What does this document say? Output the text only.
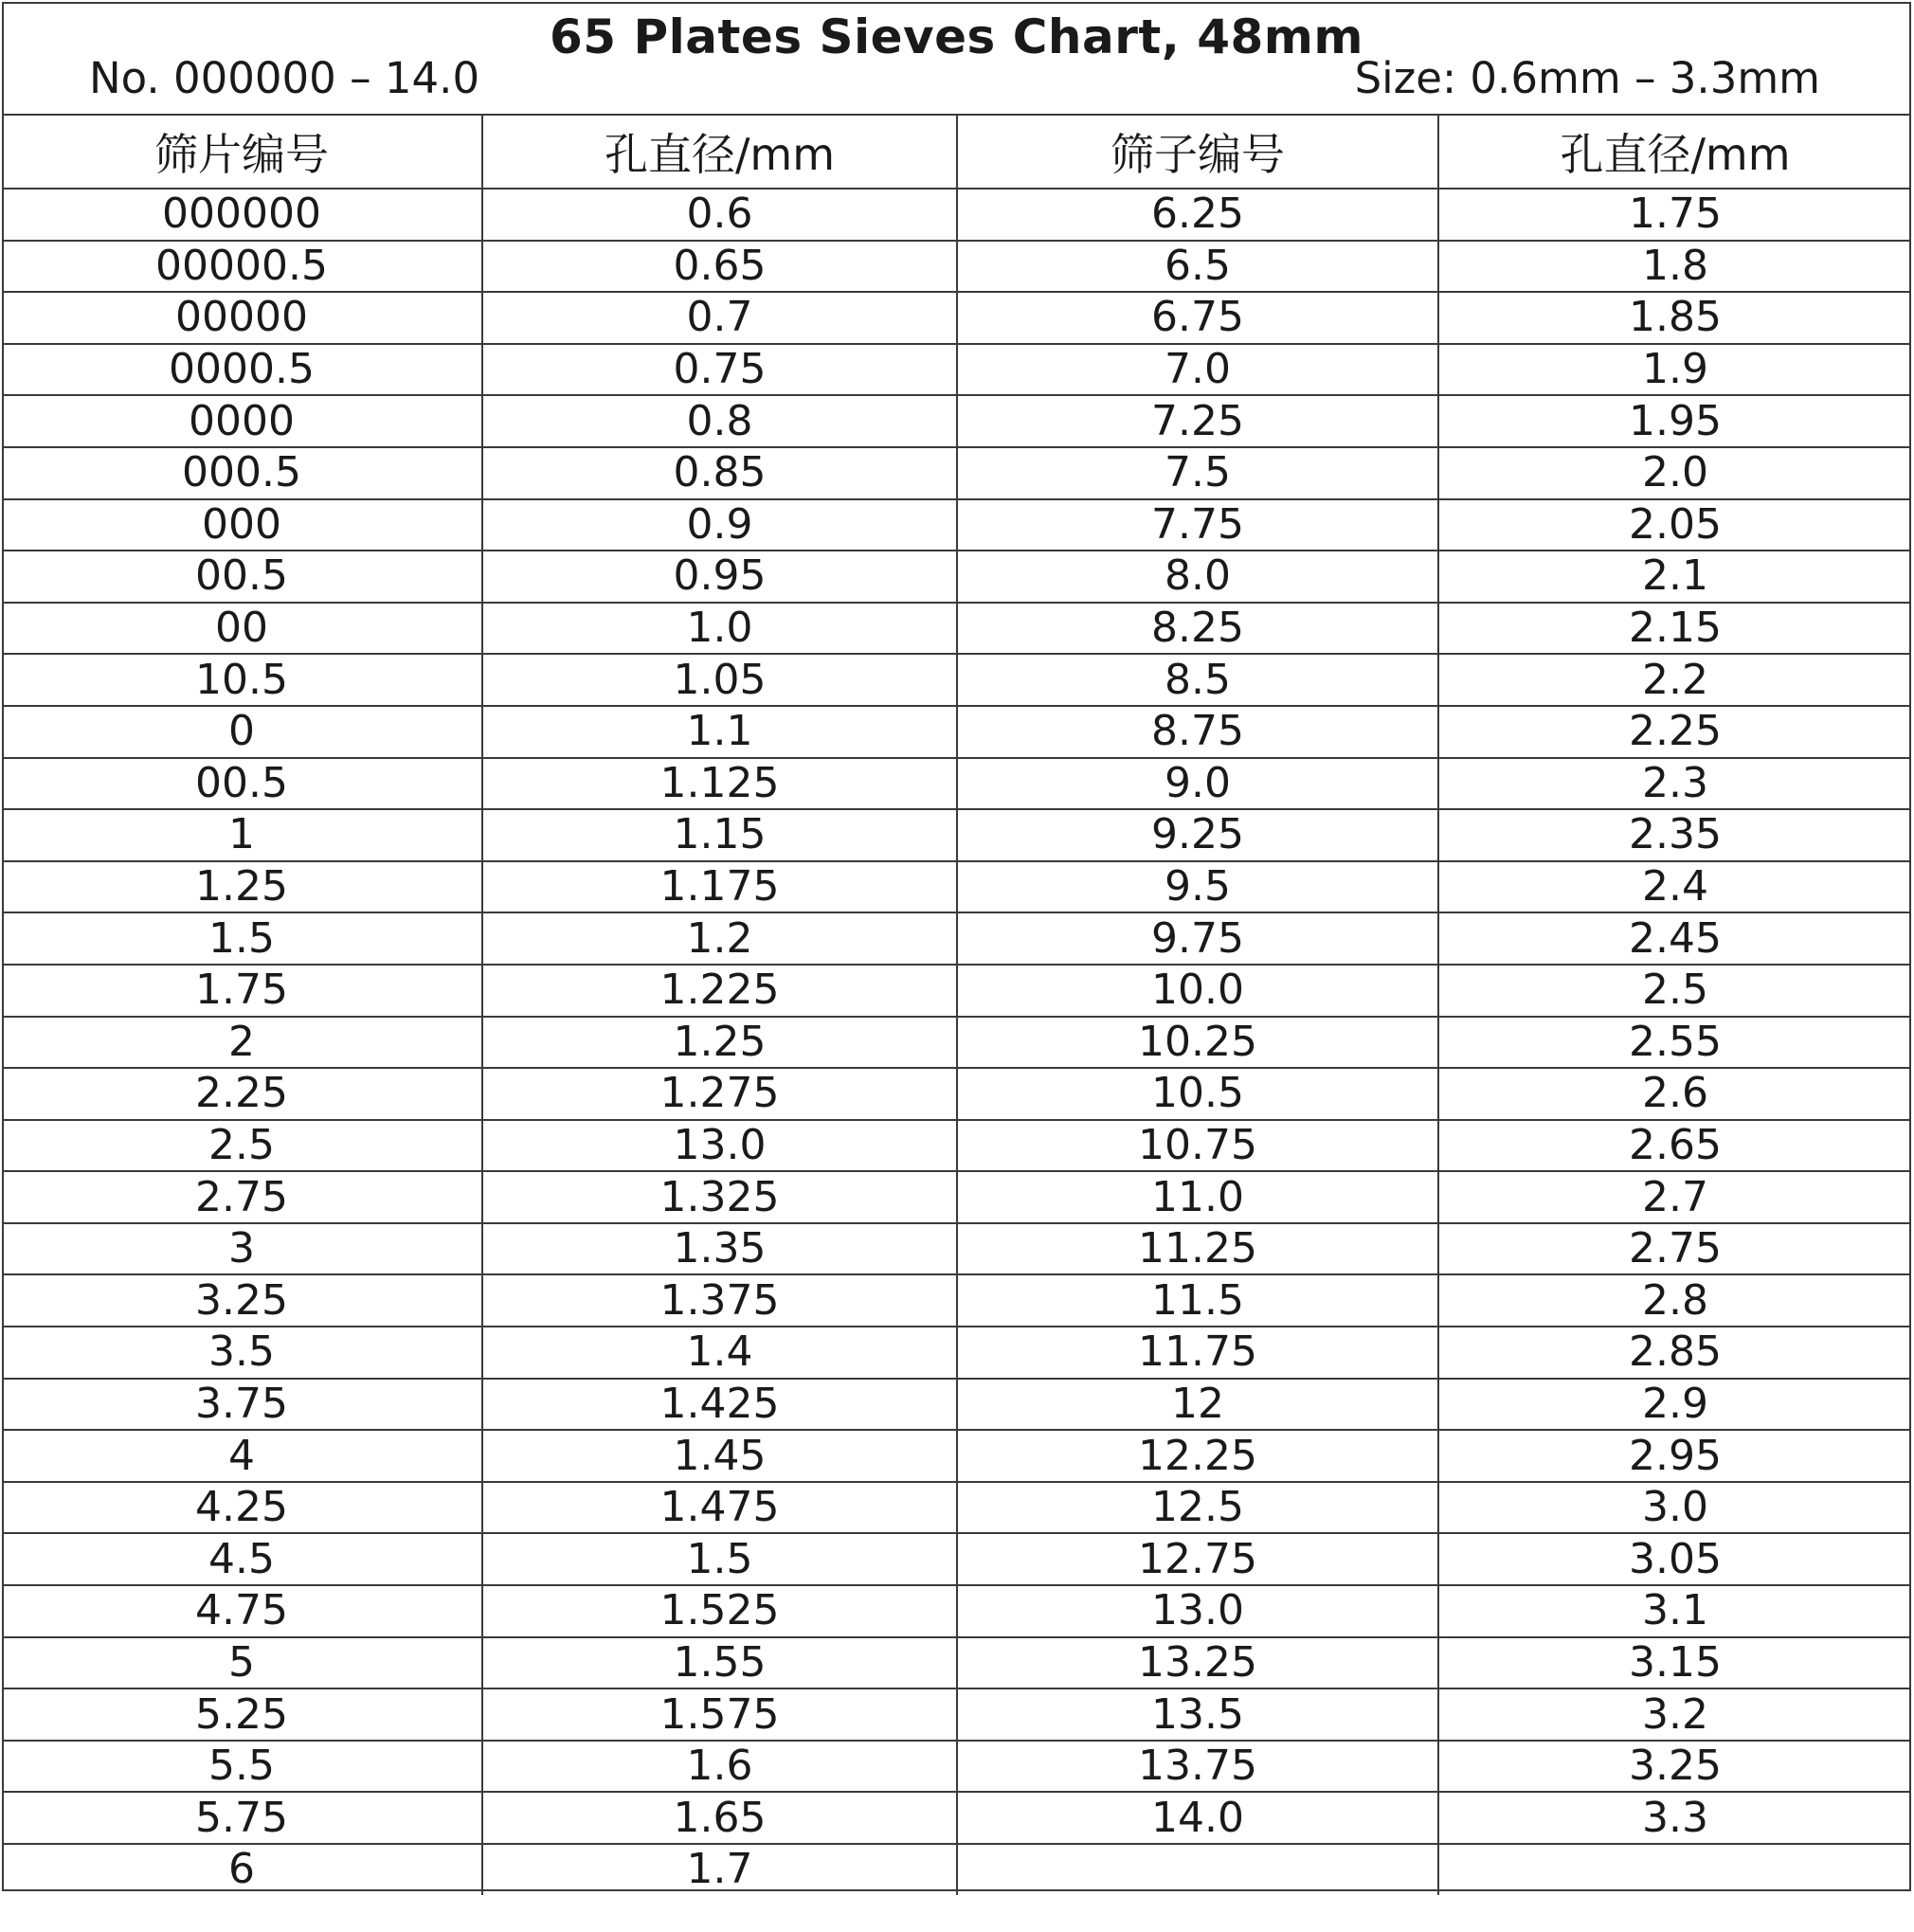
65 Plates Sieves Chart, 48mm
No. 000000 – 14.0	Size: 0.6mm – 3.3mm
筛片编号	孔直径/mm	筛子编号	孔直径/mm
000000	0.6	6.25	1.75
00000.5	0.65	6.5	1.8
00000	0.7	6.75	1.85
0000.5	0.75	7.0	1.9
0000	0.8	7.25	1.95
000.5	0.85	7.5	2.0
000	0.9	7.75	2.05
00.5	0.95	8.0	2.1
00	1.0	8.25	2.15
10.5	1.05	8.5	2.2
0	1.1	8.75	2.25
00.5	1.125	9.0	2.3
1	1.15	9.25	2.35
1.25	1.175	9.5	2.4
1.5	1.2	9.75	2.45
1.75	1.225	10.0	2.5
2	1.25	10.25	2.55
2.25	1.275	10.5	2.6
2.5	13.0	10.75	2.65
2.75	1.325	11.0	2.7
3	1.35	11.25	2.75
3.25	1.375	11.5	2.8
3.5	1.4	11.75	2.85
3.75	1.425	12	2.9
4	1.45	12.25	2.95
4.25	1.475	12.5	3.0
4.5	1.5	12.75	3.05
4.75	1.525	13.0	3.1
5	1.55	13.25	3.15
5.25	1.575	13.5	3.2
5.5	1.6	13.75	3.25
5.75	1.65	14.0	3.3
6	1.7		
